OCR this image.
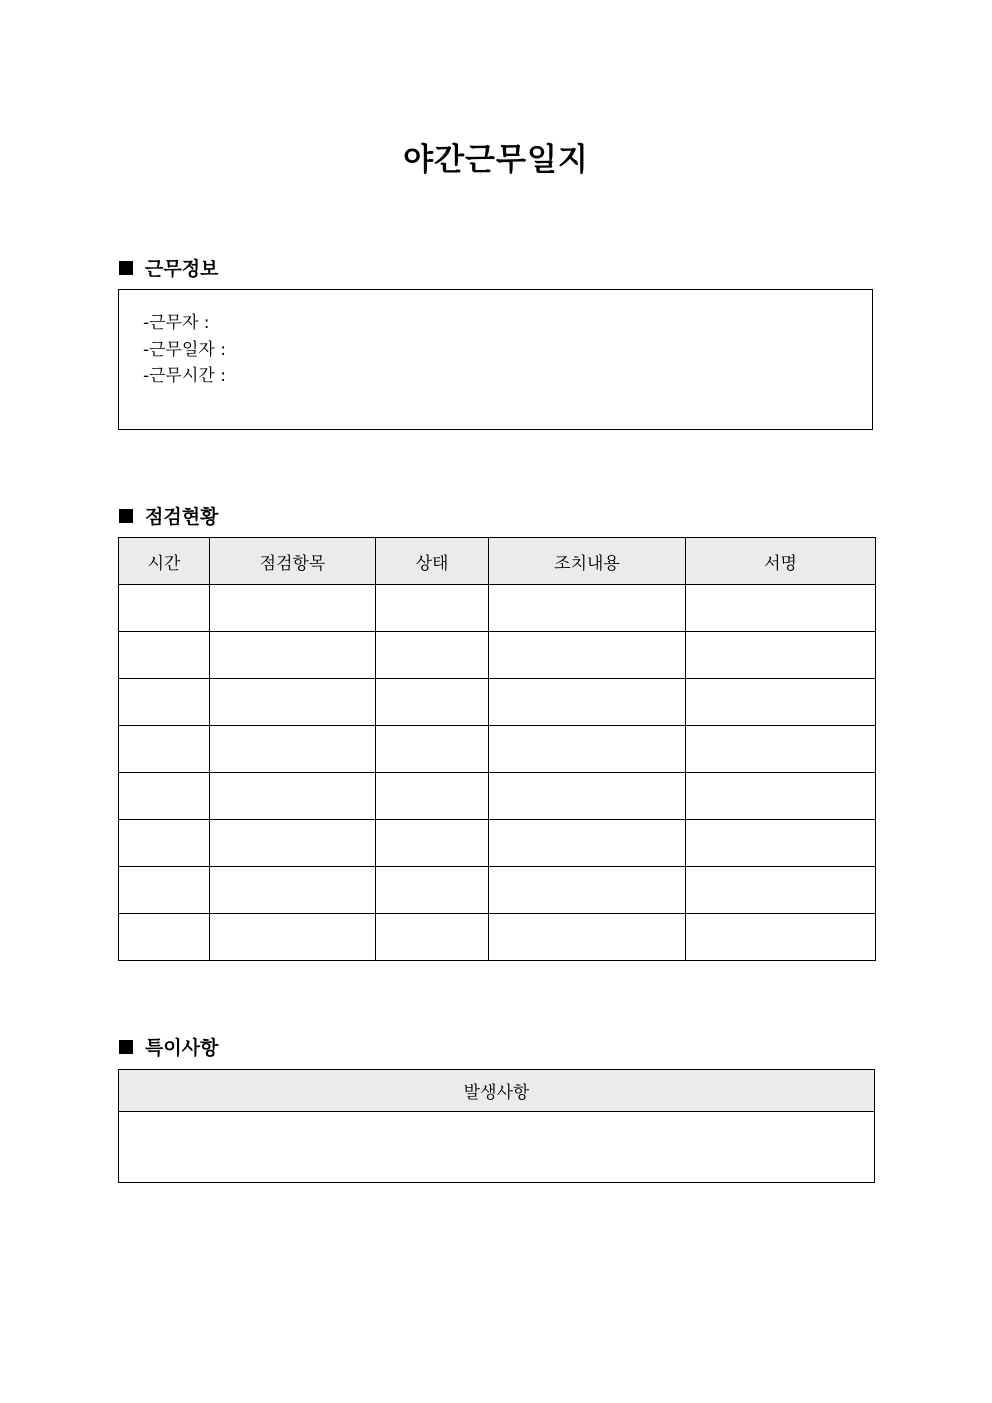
야간근무일지
근무정보
-근무자 :
-근무일자 :
-근무시간 :
점검현황
시간	점검항목	상태	조치내용	서명

특이사항
발생사항
